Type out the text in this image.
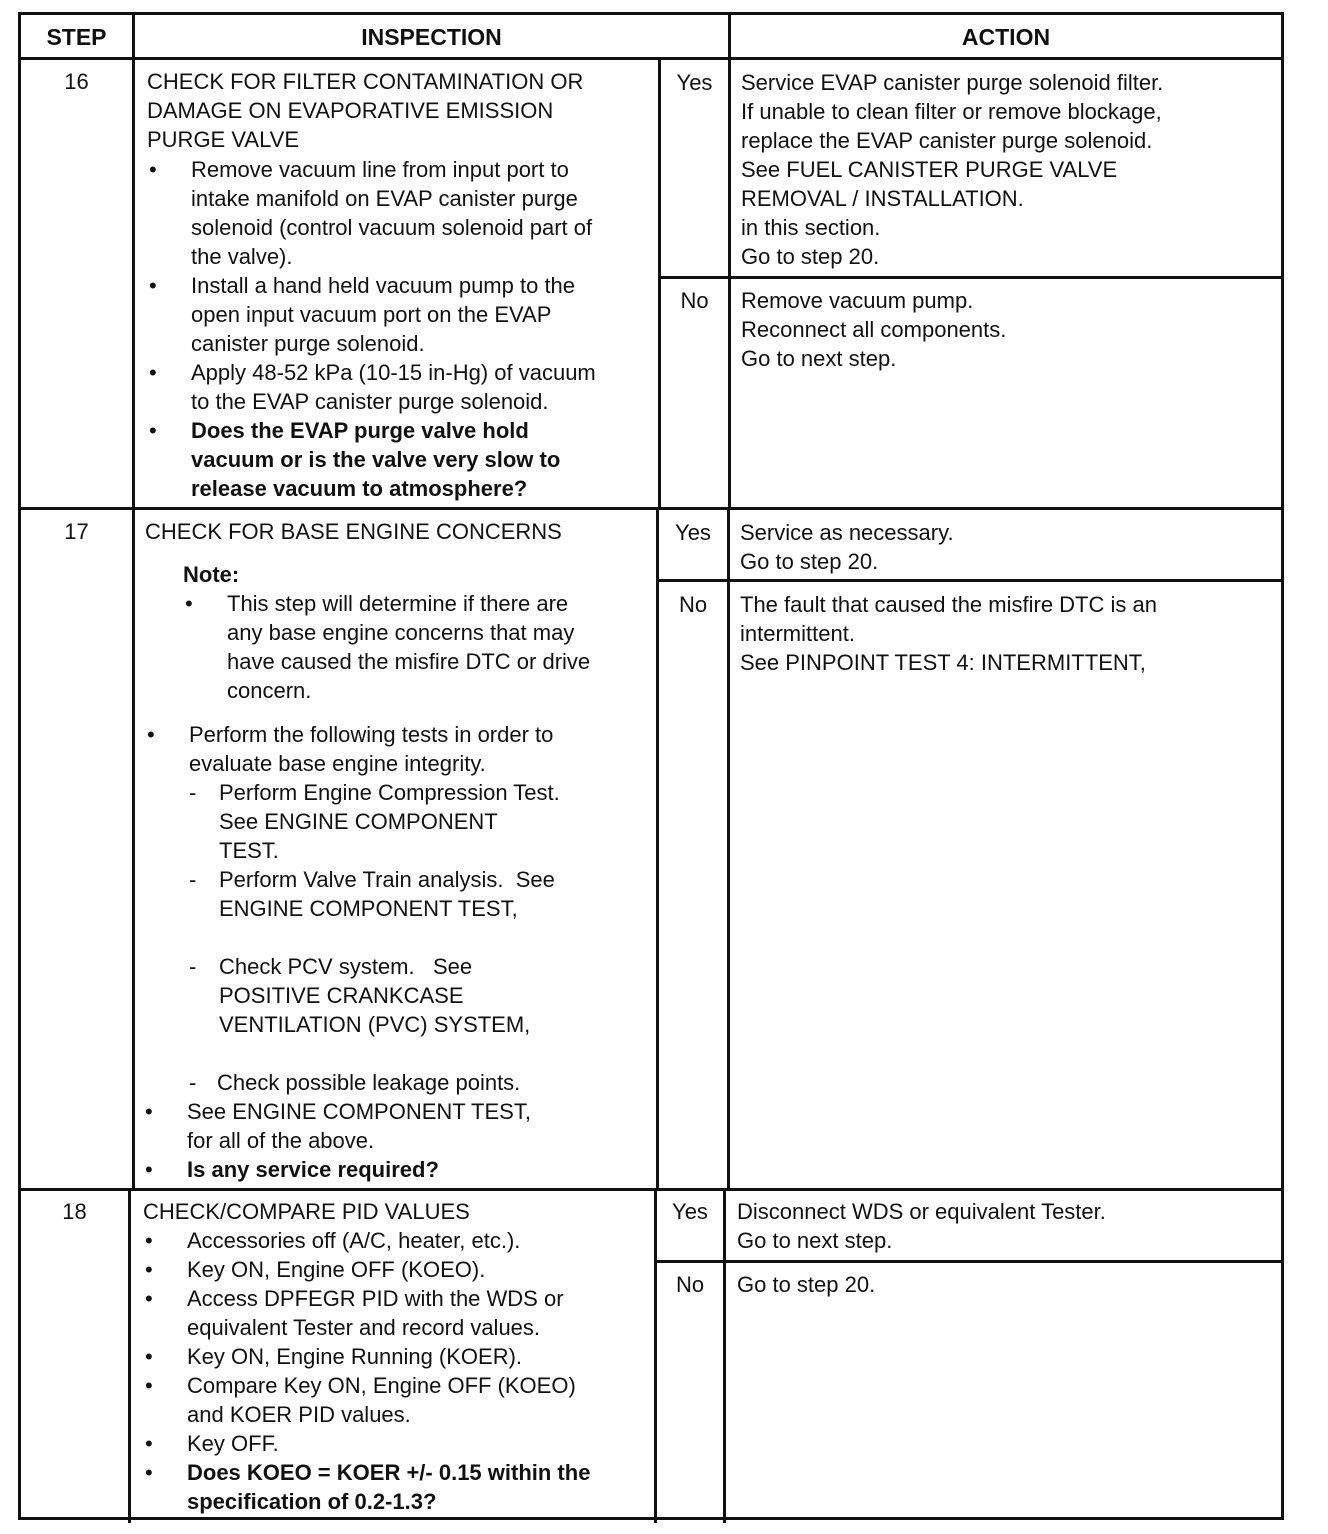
STEP	INSPECTION	ACTION
16	CHECK FOR FILTER CONTAMINATION OR
DAMAGE ON EVAPORATIVE EMISSION
PURGE VALVE
• Remove vacuum line from input port to
intake manifold on EVAP canister purge
solenoid (control vacuum solenoid part of
the valve).
• Install a hand held vacuum pump to the
open input vacuum port on the EVAP
canister purge solenoid.
• Apply 48-52 kPa (10-15 in-Hg) of vacuum
to the EVAP canister purge solenoid.
• Does the EVAP purge valve hold
vacuum or is the valve very slow to
release vacuum to atmosphere?
Yes	Service EVAP canister purge solenoid filter.
If unable to clean filter or remove blockage,
replace the EVAP canister purge solenoid.
See FUEL CANISTER PURGE VALVE
REMOVAL / INSTALLATION.
in this section.
Go to step 20.
No	Remove vacuum pump.
Reconnect all components.
Go to next step.
17	CHECK FOR BASE ENGINE CONCERNS
Note:
• This step will determine if there are
any base engine concerns that may
have caused the misfire DTC or drive
concern.
• Perform the following tests in order to
evaluate base engine integrity.
- Perform Engine Compression Test.
See ENGINE COMPONENT
TEST.
- Perform Valve Train analysis.  See
ENGINE COMPONENT TEST,
- Check PCV system.   See
POSITIVE CRANKCASE
VENTILATION (PVC) SYSTEM,
- Check possible leakage points.
• See ENGINE COMPONENT TEST,
for all of the above.
• Is any service required?
Yes	Service as necessary.
Go to step 20.
No	The fault that caused the misfire DTC is an
intermittent.
See PINPOINT TEST 4: INTERMITTENT,
18	CHECK/COMPARE PID VALUES
• Accessories off (A/C, heater, etc.).
• Key ON, Engine OFF (KOEO).
• Access DPFEGR PID with the WDS or
equivalent Tester and record values.
• Key ON, Engine Running (KOER).
• Compare Key ON, Engine OFF (KOEO)
and KOER PID values.
• Key OFF.
• Does KOEO = KOER +/- 0.15 within the
specification of 0.2-1.3?
Yes	Disconnect WDS or equivalent Tester.
Go to next step.
No	Go to step 20.
